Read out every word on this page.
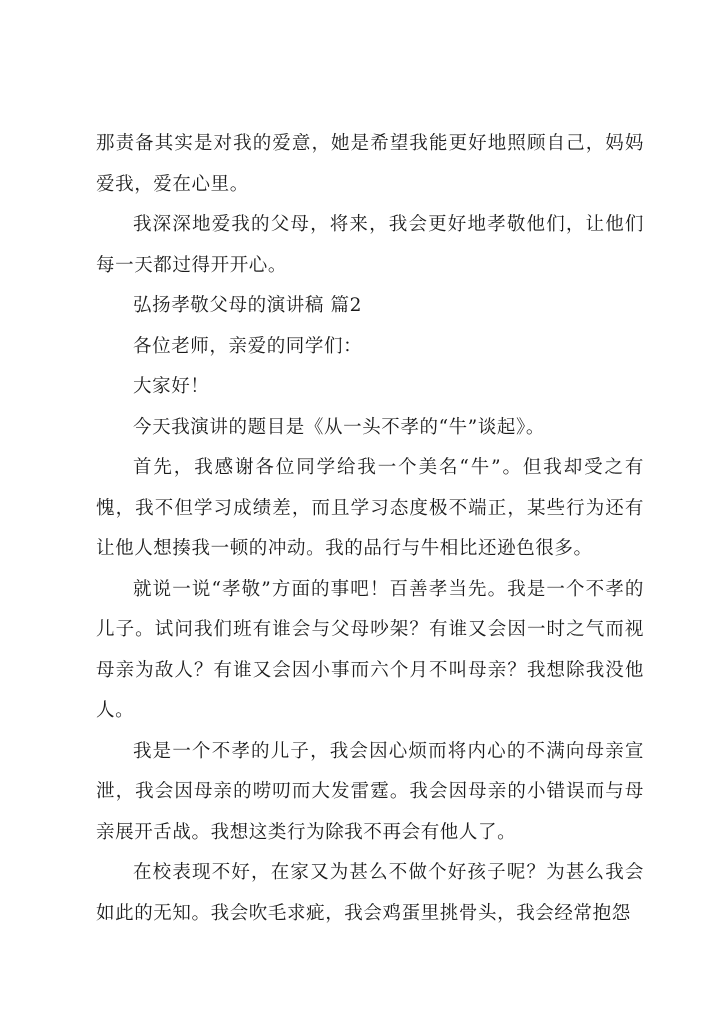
那责备其实是对我的爱意，她是希望我能更好地照顾自己，妈妈爱我，爱在心里。

我深深地爱我的父母，将来，我会更好地孝敬他们，让他们每一天都过得开开心。

弘扬孝敬父母的演讲稿 篇2

各位老师，亲爱的同学们：

大家好！

今天我演讲的题目是《从一头不孝的“牛”谈起》。

首先，我感谢各位同学给我一个美名“牛”。但我却受之有愧，我不但学习成绩差，而且学习态度极不端正，某些行为还有让他人想揍我一顿的冲动。我的品行与牛相比还逊色很多。

就说一说“孝敬”方面的事吧！百善孝当先。我是一个不孝的儿子。试问我们班有谁会与父母吵架？有谁又会因一时之气而视母亲为敌人？有谁又会因小事而六个月不叫母亲？我想除我没他人。

我是一个不孝的儿子，我会因心烦而将内心的不满向母亲宣泄，我会因母亲的唠叨而大发雷霆。我会因母亲的小错误而与母亲展开舌战。我想这类行为除我不再会有他人了。

在校表现不好，在家又为甚么不做个好孩子呢？为甚么我会如此的无知。我会吹毛求疵，我会鸡蛋里挑骨头，我会经常抱怨
